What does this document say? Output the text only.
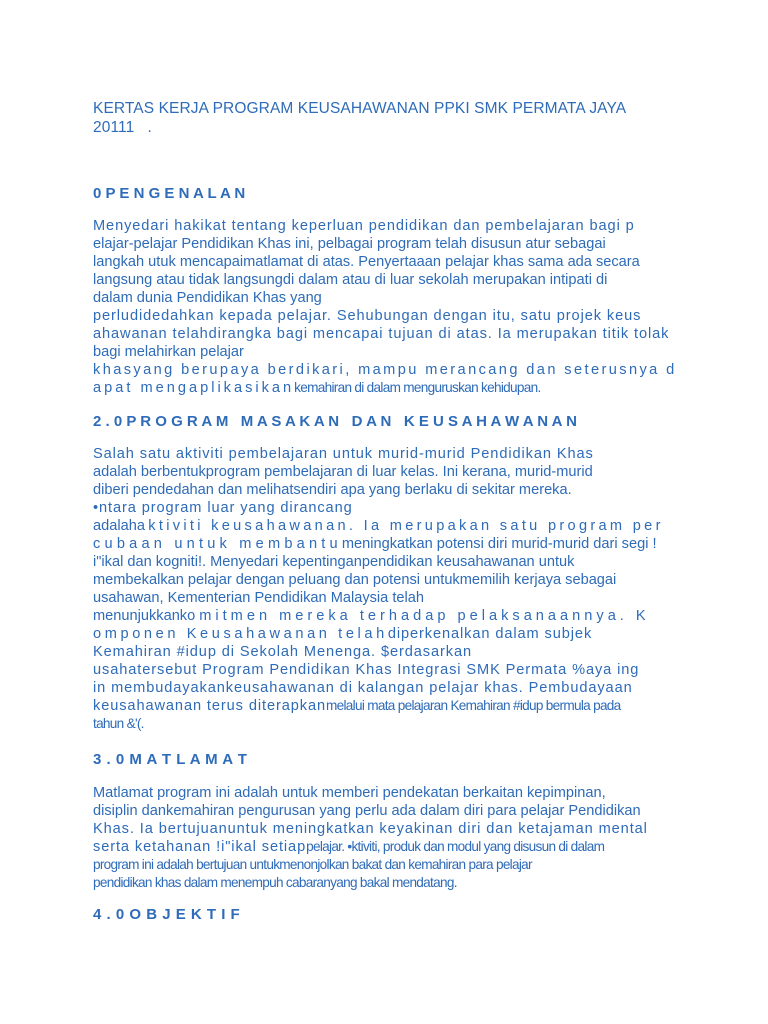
KERTAS KERJA PROGRAM KEUSAHAWANAN PPKI SMK PERMATA JAYA
20111   .
0 P E N G E N A L A N
Menyedari hakikat tentang keperluan pendidikan dan pembelajaran bagi p
elajar-pelajar Pendidikan Khas ini, pelbagai program telah disusun atur sebagai
langkah utuk mencapaimatlamat di atas. Penyertaaan pelajar khas sama ada secara
langsung atau tidak langsungdi dalam atau di luar sekolah merupakan intipati di
dalam dunia Pendidikan Khas yang
perludidedahkan kepada pelajar. Sehubungan dengan itu, satu projek keus
ahawanan telahdirangka bagi mencapai tujuan di atas. Ia merupakan titik tolak
bagi melahirkan pelajar
khasyang berupaya berdikari, mampu merancang dan seterusnya d
apat mengaplikasikankemahiran di dalam menguruskan kehidupan.
2 . 0 P R O G R A M   M A S A K A N   D A N   K E U S A H A W A N A N
Salah satu aktiviti pembelajaran untuk murid-murid Pendidikan Khas
adalah berbentukprogram pembelajaran di luar kelas. Ini kerana, murid-murid
diberi pendedahan dan melihatsendiri apa yang berlaku di sekitar mereka.
•ntara program luar yang dirancang
adalahaktiviti keusahawanan. Ia merupakan satu program per
cubaan untuk membantumeningkatkan potensi diri murid-murid dari segi !
i"ikal dan kogniti!. Menyedari kepentinganpendidikan keusahawanan untuk
membekalkan pelajar dengan peluang dan potensi untukmemilih kerjaya sebagai
usahawan, Kementerian Pendidikan Malaysia telah
menunjukkankomitmen mereka terhadap pelaksanaannya. K
omponen Keusahawanan telahdiperkenalkan dalam subjek
Kemahiran #idup di Sekolah Menenga. $erdasarkan
usahatersebut Program Pendidikan Khas Integrasi SMK Permata %aya ing
in membudayakankeusahawanan di kalangan pelajar khas. Pembudayaan
keusahawanan terus diterapkanmelalui mata pelajaran Kemahiran #idup bermula pada
tahun &'(.
3 . 0 M A T L A M A T
Matlamat program ini adalah untuk memberi pendekatan berkaitan kepimpinan,
disiplin dankemahiran pengurusan yang perlu ada dalam diri para pelajar Pendidikan
Khas. Ia bertujuanuntuk meningkatkan keyakinan diri dan ketajaman mental
serta ketahanan !i"ikal setiappelajar. •ktiviti, produk dan modul yang disusun di dalam
program ini adalah bertujuan untukmenonjolkan bakat dan kemahiran para pelajar
pendidikan khas dalam menempuh cabaranyang bakal mendatang.
4 . 0 O B J E K T I F
